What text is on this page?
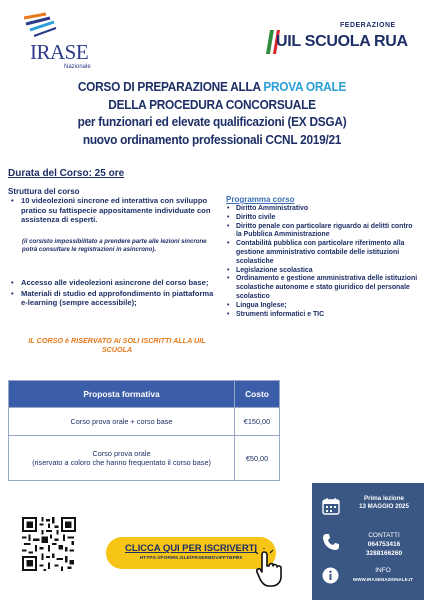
IRASE
Nazionale
FEDERAZIONE
UIL SCUOLA RUA
CORSO DI PREPARAZIONE ALLA PROVA ORALE
DELLA PROCEDURA CONCORSUALE
per funzionari ed elevate qualificazioni (EX DSGA)
nuovo ordinamento professionali CCNL 2019/21
Durata del Corso: 25 ore
Struttura del corso
• 10 videolezioni sincrone ed interattiva con sviluppo pratico su fattispecie appositamente individuate con assistenza di esperti.
(il corsisto impossibilitato a prendere parte alle lezioni sincrone potrà consultare le registrazioni in asincrono).
• Accesso alle videolezioni asincrone del corso base;
• Materiali di studio ed approfondimento in piattaforma e-learning (sempre accessibile);
IL CORSO è RISERVATO AI SOLI ISCRITTI ALLA UIL SCUOLA
Programma corso
• Diritto Amministrativo
• Diritto civile
• Diritto penale con particolare riguardo ai delitti contro la Pubblica Amministrazione
• Contabilità pubblica con particolare riferimento alla gestione amministrativo contabile delle istituzioni scolastiche
• Legislazione scolastica
• Ordinamento e gestione amministrativa delle istituzioni scolastiche autonome e stato giuridico del personale scolastico
• Lingua Inglese;
• Strumenti informatici e TIC
Proposta formativa	Costo
Corso prova orale + corso base	€150,00

Corso prova orale
(riservato a coloro che hanno frequentato il corso base)	€50,00
Prima lezione
13 MAGGIO 2025
CONTATTI
064753416
3288166260
INFO
WWW.IRASENAZIONALE.IT
CLICCA QUI PER ISCRIVERTI
HTTPS://FORMS.GLE/FRSERBDVIFFTBPB9
